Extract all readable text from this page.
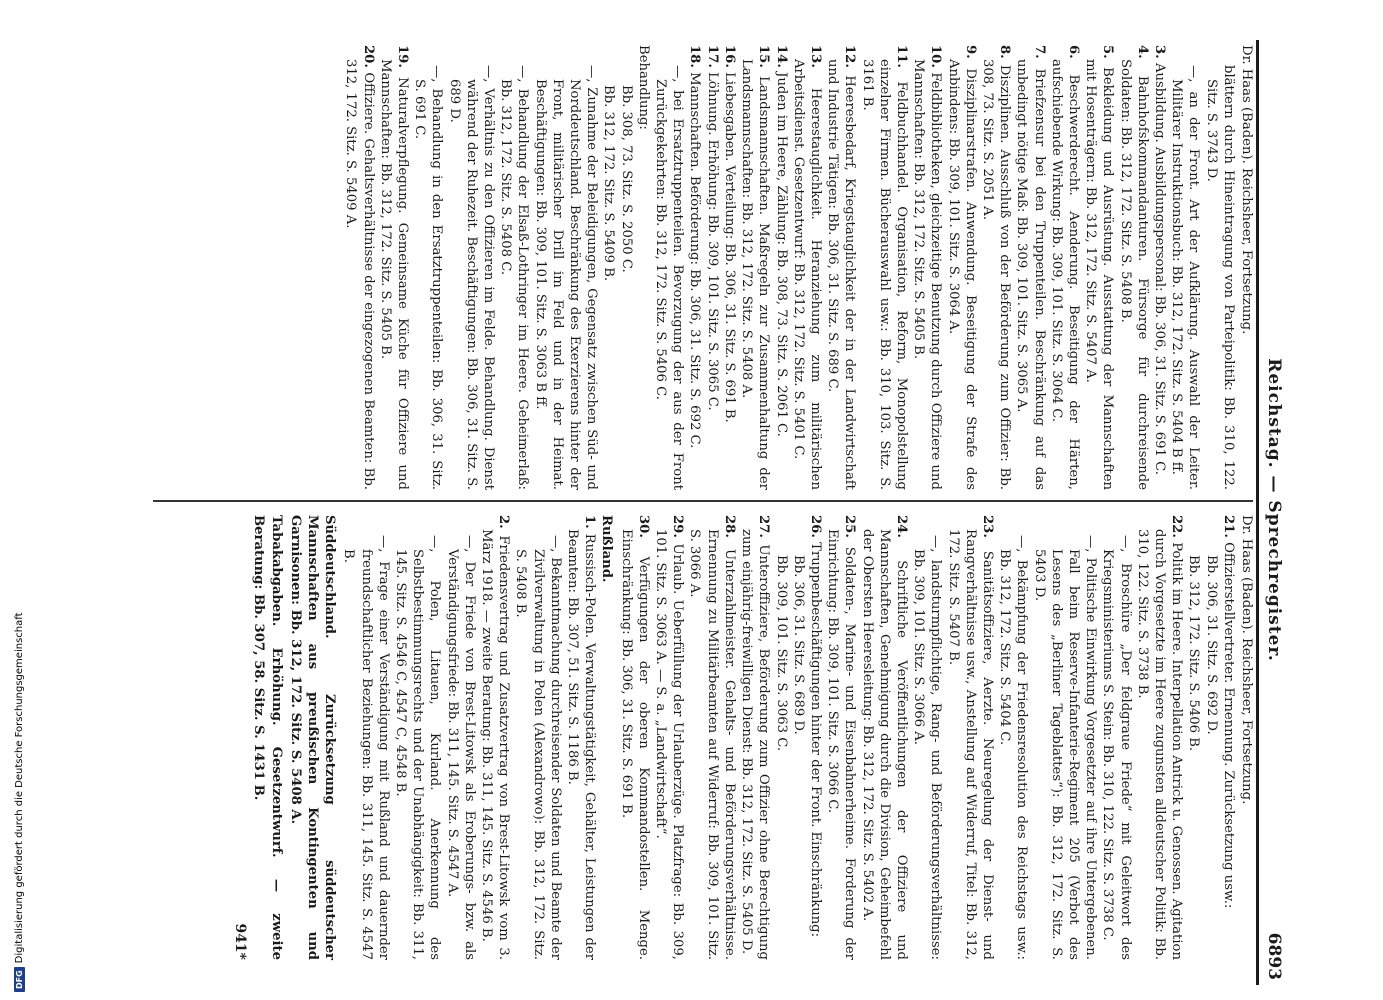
Reichstag. — Sprechregister.
6893

Dr. Haas (Baden). Reichsheer, Fortsetzung.

blättern durch Hineintragung von Parteipolitik: Bb. 310, 122. Sitz. S. 3743 D.

—, an der Front. Art der Aufklärung. Auswahl der Leiter. Militärer Instruktionsbuch: Bb. 312, 172. Sitz. S. 5404 B ff.

3. Ausbildung. Ausbildungspersonal: Bb. 306, 31. Sitz. S. 691 C.

4. Bahnhofskommandanturen. Fürsorge für durchreisende Soldaten: Bb. 312, 172. Sitz. S. 5408 B.

5. Bekleidung und Ausrüstung. Ausstattung der Mannschaften mit Hosenträgern: Bb. 312, 172. Sitz. S. 5407 A.

6. Beschwerderecht. Aenderung. Beseitigung der Härten, aufschiebende Wirkung: Bb. 309, 101. Sitz. S. 3064 C.

7. Briefzensur bei den Truppenteilen. Beschränkung auf das unbedingt nötige Maß: Bb. 309, 101. Sitz. S. 3065 A.

8. Disziplinen. Ausschluß von der Beförderung zum Offizier: Bb. 308, 73. Sitz. S. 2051 A.

9. Disziplinarstrafen. Anwendung. Beseitigung der Strafe des Anbindens: Bb. 309, 101. Sitz. S. 3064 A.

10. Feldbibliotheken, gleichzeitige Benutzung durch Offiziere und Mannschaften: Bb. 312, 172. Sitz. S. 5405 B.

11. Feldbuchhandel. Organisation, Reform, Monopolstellung einzelner Firmen. Bücherauswahl usw.: Bb. 310, 103. Sitz. S. 3161 B.

12. Heeresbedarf, Kriegstauglichkeit der in der Landwirtschaft und Industrie Tätigen: Bb. 306, 31. Sitz. S. 689 C.

13. Heerestauglichkeit. Heranziehung zum militärischen Arbeitsdienst. Gesetzentwurf: Bb. 312, 172. Sitz. S. 5401 C.

14. Juden im Heere, Zählung: Bb. 308, 73. Sitz. S. 2061 C.

15. Landsmannschaften. Maßregeln zur Zusammenhaltung der Landsmannschaften: Bb. 312, 172. Sitz. S. 5408 A.

16. Liebesgaben. Verteilung: Bb. 306, 31. Sitz. S. 691 B.

17. Löhnung. Erhöhung: Bb. 309, 101. Sitz. S. 3065 C.

18. Mannschaften. Beförderung: Bb. 306, 31. Sitz. S. 692 C.

—, bei Ersatztruppenteilen. Bevorzugung der aus der Front Zurückgekehrten: Bb. 312, 172. Sitz. S. 5406 C.

Behandlung:

Bb. 308, 73. Sitz. S. 2050 C.

Bb. 312, 172. Sitz. S. 5409 B.

—, Zunahme der Beleidigungen, Gegensatz zwischen Süd- und Norddeutschland. Beschränkung des Exerzierens hinter der Front, militärischer Drill im Feld und in der Heimat. Beschäftigungen: Bb. 309, 101. Sitz. S. 3063 B ff.

—, Behandlung der Elsaß-Lothringer im Heere. Geheimerlaß: Bb. 312, 172. Sitz. S. 5408 C.

—, Verhältnis zu den Offizieren im Felde. Behandlung. Dienst während der Ruhezeit. Beschäftigungen: Bb. 306, 31. Sitz. S. 689 D.

—, Behandlung in den Ersatztruppenteilen: Bb. 306, 31. Sitz. S. 691 C.

19. Naturalverpflegung. Gemeinsame Küche für Offiziere und Mannschaften: Bb. 312, 172. Sitz. S. 5405 B.

20. Offiziere. Gehaltsverhältnisse der eingezogenen Beamten: Bb. 312, 172. Sitz. S. 5409 A.

Dr. Haas (Baden). Reichsheer, Fortsetzung.

21. Offizierstellvertreter. Ernennung. Zurücksetzung usw.:

Bb. 306, 31. Sitz. S. 692 D.

Bb. 312, 172. Sitz. S. 5406 B.

22. Politik im Heere. Interpellation Antrick u. Genossen. Agitation durch Vorgesetzte im Heere zugunsten alldeutscher Politik: Bb. 310, 122. Sitz. S. 3738 B.

—, Broschüre „Der feldgraue Friede“ mit Geleitwort des Kriegsministeriums S. Stein: Bb. 310, 122. Sitz. S. 3738 C.

—, Politische Einwirkung Vorgesetzter auf ihre Untergebenen. Fall beim Reserve-Infanterie-Regiment 205 (Verbot des Lesens des „Berliner Tageblattes“): Bb. 312, 172. Sitz. S. 5403 D.

—, Bekämpfung der Friedensresolution des Reichstags usw.: Bb. 312, 172. Sitz. S. 5404 C.

23. Sanitätsoffiziere, Aerzte. Neuregelung der Dienst- und Rangverhältnisse usw., Anstellung auf Widerruf, Titel: Bb. 312, 172. Sitz. S. 5407 B.

—, landsturmpflichtige, Rang- und Beförderungsverhältnisse: Bb. 309, 101. Sitz. S. 3066 A.

24. Schriftliche Veröffentlichungen der Offiziere und Mannschaften, Genehmigung durch die Division, Geheimbefehl der Obersten Heeresleitung: Bb. 312, 172. Sitz. S. 5402 A.

25. Soldaten-, Marine- und Eisenbahnerheime. Forderung der Einrichtung: Bb. 309, 101. Sitz. S. 3066 C.

26. Truppenbeschäftigungen hinter der Front. Einschränkung:

Bb. 306, 31. Sitz. S. 689 D.

Bb. 309, 101. Sitz. S. 3063 C.

27. Unteroffiziere, Beförderung zum Offizier ohne Berechtigung zum einjährig-freiwilligen Dienst: Bb. 312, 172. Sitz. S. 5405 D.

28. Unterzahlmeister. Gehalts- und Beförderungsverhältnisse. Ernennung zu Militärbeamten auf Widerruf: Bb. 309, 101. Sitz. S. 3066 A.

29. Urlaub. Ueberfüllung der Urlauberzüge. Platzfrage: Bb. 309, 101. Sitz. S. 3063 A. — S. a. „Landwirtschaft“.

30. Verfügungen der oberen Kommandostellen. Menge. Einschränkung: Bb. 306, 31. Sitz. S. 691 B.

Rußland.

1. Russisch-Polen. Verwaltungstätigkeit, Gehälter, Leistungen der Beamten: Bb. 307, 51. Sitz. S. 1186 B.

—, Bekanntmachung durchreisender Soldaten und Beamte der Zivilverwaltung in Polen (Alexandrowo): Bb. 312, 172. Sitz. S. 5408 B.

2. Friedensvertrag und Zusatzvertrag von Brest-Litowsk vom 3. März 1918. — zweite Beratung: Bb. 311, 145. Sitz. S. 4546 B.

—, Der Friede von Brest-Litowsk als Eroberungs- bzw. als Verständigungsfriede: Bb. 311, 145. Sitz. S. 4547 A.

—, Polen, Litauen, Kurland. Anerkennung des Selbstbestimmungsrechts und der Unabhängigkeit: Bb. 311, 145. Sitz. S. 4546 C, 4547 C, 4548 B.

—, Frage einer Verständigung mit Rußland und dauernder freundschaftlicher Beziehungen: Bb. 311, 145. Sitz. S. 4547 B.

Süddeutschland. Zurücksetzung süddeutscher Mannschaften aus preußischen Kontingenten und Garnisonen: Bb. 312, 172. Sitz. S. 5408 A.

Tabakabgaben. Erhöhung. Gesetzentwurf. — zweite Beratung: Bb. 307, 58. Sitz. S. 1431 B.

941*
DFG
Digitalisierung gefördert durch die Deutsche Forschungsgemeinschaft
